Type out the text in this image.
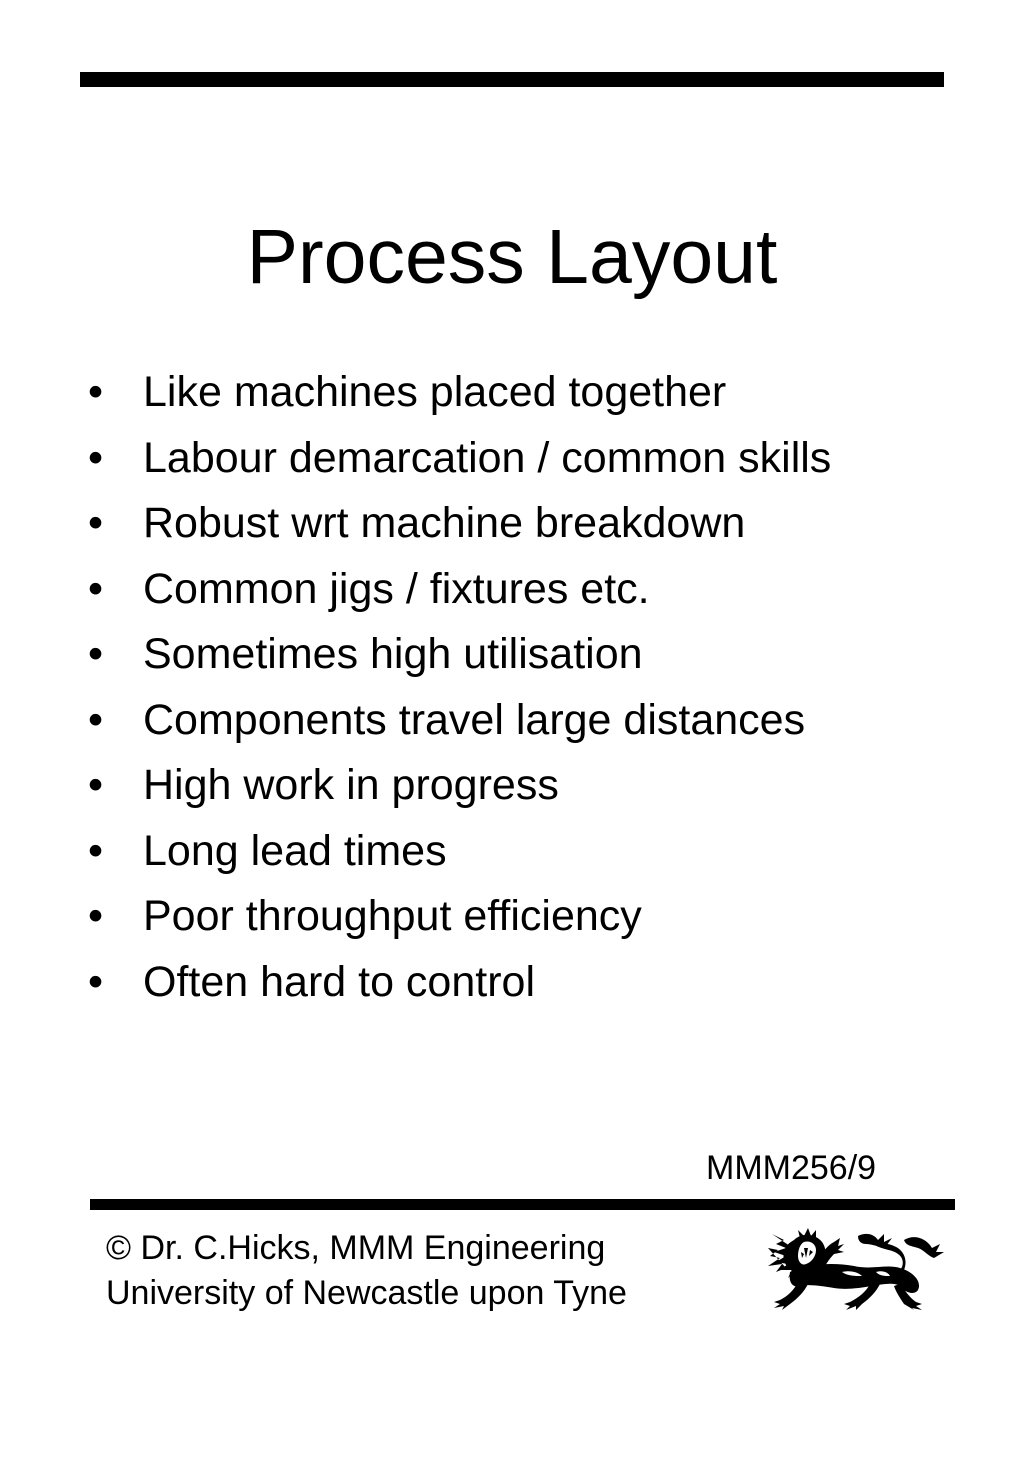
Process Layout
• Like machines placed together
• Labour demarcation / common skills
• Robust wrt machine breakdown
• Common jigs / fixtures etc.
• Sometimes high utilisation
• Components travel large distances
• High work in progress
• Long lead times
• Poor throughput efficiency
• Often hard to control
MMM256/9
© Dr. C.Hicks, MMM Engineering
University of Newcastle upon Tyne
